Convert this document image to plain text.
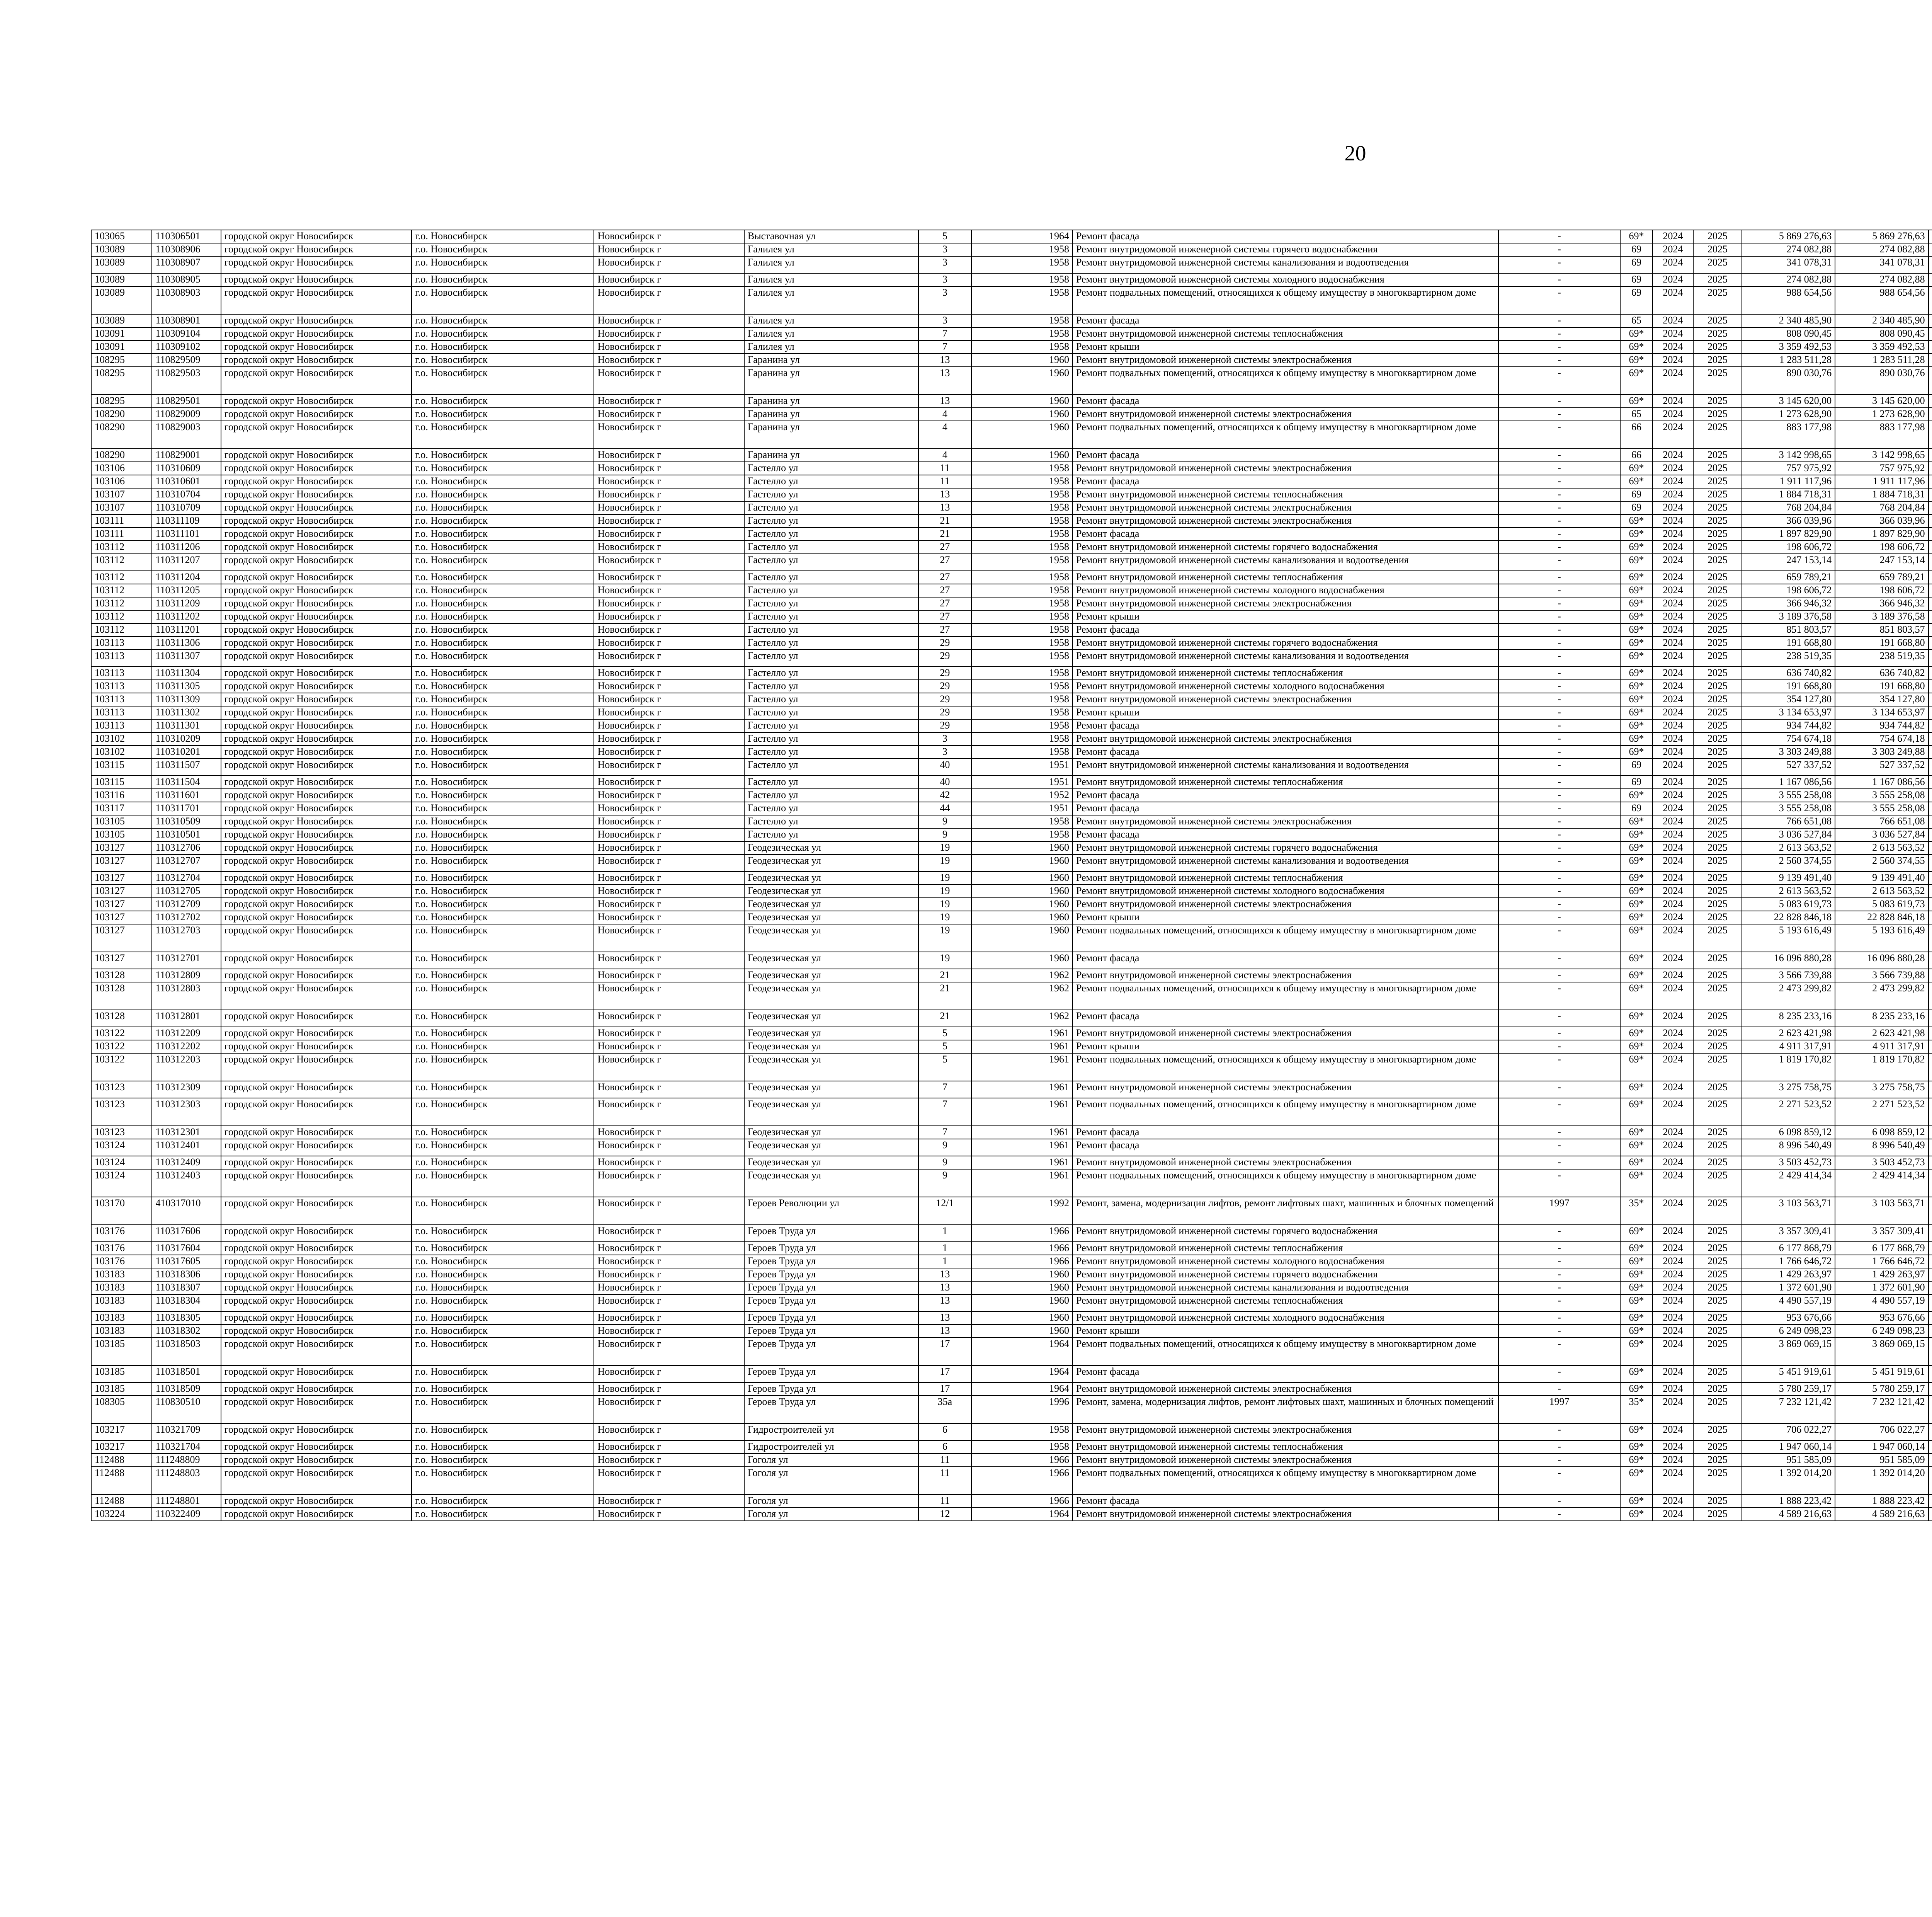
20
103065	110306501	городской округ Новосибирск	г.о. Новосибирск	Новосибирск г	Выставочная ул	5	1964	Ремонт фасада	-	69*	2024	2025	5 869 276,63	5 869 276,63						
103089	110308906	городской округ Новосибирск	г.о. Новосибирск	Новосибирск г	Галилея ул	3	1958	Ремонт внутридомовой инженерной системы горячего водоснабжения	-	69	2024	2025	274 082,88	274 082,88						
103089	110308907	городской округ Новосибирск	г.о. Новосибирск	Новосибирск г	Галилея ул	3	1958	Ремонт внутридомовой инженерной системы канализования и водоотведения	-	69	2024	2025	341 078,31	341 078,31						
103089	110308905	городской округ Новосибирск	г.о. Новосибирск	Новосибирск г	Галилея ул	3	1958	Ремонт внутридомовой инженерной системы холодного водоснабжения	-	69	2024	2025	274 082,88	274 082,88						
103089	110308903	городской округ Новосибирск	г.о. Новосибирск	Новосибирск г	Галилея ул	3	1958	Ремонт подвальных помещений, относящихся к общему имуществу в многоквартирном доме	-	69	2024	2025	988 654,56	988 654,56						
103089	110308901	городской округ Новосибирск	г.о. Новосибирск	Новосибирск г	Галилея ул	3	1958	Ремонт фасада	-	65	2024	2025	2 340 485,90	2 340 485,90						
103091	110309104	городской округ Новосибирск	г.о. Новосибирск	Новосибирск г	Галилея ул	7	1958	Ремонт внутридомовой инженерной системы теплоснабжения	-	69*	2024	2025	808 090,45	808 090,45						
103091	110309102	городской округ Новосибирск	г.о. Новосибирск	Новосибирск г	Галилея ул	7	1958	Ремонт крыши	-	69*	2024	2025	3 359 492,53	3 359 492,53						
108295	110829509	городской округ Новосибирск	г.о. Новосибирск	Новосибирск г	Гаранина ул	13	1960	Ремонт внутридомовой инженерной системы электроснабжения	-	69*	2024	2025	1 283 511,28	1 283 511,28						
108295	110829503	городской округ Новосибирск	г.о. Новосибирск	Новосибирск г	Гаранина ул	13	1960	Ремонт подвальных помещений, относящихся к общему имуществу в многоквартирном доме	-	69*	2024	2025	890 030,76	890 030,76						
108295	110829501	городской округ Новосибирск	г.о. Новосибирск	Новосибирск г	Гаранина ул	13	1960	Ремонт фасада	-	69*	2024	2025	3 145 620,00	3 145 620,00						
108290	110829009	городской округ Новосибирск	г.о. Новосибирск	Новосибирск г	Гаранина ул	4	1960	Ремонт внутридомовой инженерной системы электроснабжения	-	65	2024	2025	1 273 628,90	1 273 628,90						
108290	110829003	городской округ Новосибирск	г.о. Новосибирск	Новосибирск г	Гаранина ул	4	1960	Ремонт подвальных помещений, относящихся к общему имуществу в многоквартирном доме	-	66	2024	2025	883 177,98	883 177,98						
108290	110829001	городской округ Новосибирск	г.о. Новосибирск	Новосибирск г	Гаранина ул	4	1960	Ремонт фасада	-	66	2024	2025	3 142 998,65	3 142 998,65						
103106	110310609	городской округ Новосибирск	г.о. Новосибирск	Новосибирск г	Гастелло ул	11	1958	Ремонт внутридомовой инженерной системы электроснабжения	-	69*	2024	2025	757 975,92	757 975,92						
103106	110310601	городской округ Новосибирск	г.о. Новосибирск	Новосибирск г	Гастелло ул	11	1958	Ремонт фасада	-	69*	2024	2025	1 911 117,96	1 911 117,96						
103107	110310704	городской округ Новосибирск	г.о. Новосибирск	Новосибирск г	Гастелло ул	13	1958	Ремонт внутридомовой инженерной системы теплоснабжения	-	69	2024	2025	1 884 718,31	1 884 718,31						
103107	110310709	городской округ Новосибирск	г.о. Новосибирск	Новосибирск г	Гастелло ул	13	1958	Ремонт внутридомовой инженерной системы электроснабжения	-	69	2024	2025	768 204,84	768 204,84						
103111	110311109	городской округ Новосибирск	г.о. Новосибирск	Новосибирск г	Гастелло ул	21	1958	Ремонт внутридомовой инженерной системы электроснабжения	-	69*	2024	2025	366 039,96	366 039,96						
103111	110311101	городской округ Новосибирск	г.о. Новосибирск	Новосибирск г	Гастелло ул	21	1958	Ремонт фасада	-	69*	2024	2025	1 897 829,90	1 897 829,90						
103112	110311206	городской округ Новосибирск	г.о. Новосибирск	Новосибирск г	Гастелло ул	27	1958	Ремонт внутридомовой инженерной системы горячего водоснабжения	-	69*	2024	2025	198 606,72	198 606,72						
103112	110311207	городской округ Новосибирск	г.о. Новосибирск	Новосибирск г	Гастелло ул	27	1958	Ремонт внутридомовой инженерной системы канализования и водоотведения	-	69*	2024	2025	247 153,14	247 153,14						
103112	110311204	городской округ Новосибирск	г.о. Новосибирск	Новосибирск г	Гастелло ул	27	1958	Ремонт внутридомовой инженерной системы теплоснабжения	-	69*	2024	2025	659 789,21	659 789,21						
103112	110311205	городской округ Новосибирск	г.о. Новосибирск	Новосибирск г	Гастелло ул	27	1958	Ремонт внутридомовой инженерной системы холодного водоснабжения	-	69*	2024	2025	198 606,72	198 606,72						
103112	110311209	городской округ Новосибирск	г.о. Новосибирск	Новосибирск г	Гастелло ул	27	1958	Ремонт внутридомовой инженерной системы электроснабжения	-	69*	2024	2025	366 946,32	366 946,32						
103112	110311202	городской округ Новосибирск	г.о. Новосибирск	Новосибирск г	Гастелло ул	27	1958	Ремонт крыши	-	69*	2024	2025	3 189 376,58	3 189 376,58						
103112	110311201	городской округ Новосибирск	г.о. Новосибирск	Новосибирск г	Гастелло ул	27	1958	Ремонт фасада	-	69*	2024	2025	851 803,57	851 803,57						
103113	110311306	городской округ Новосибирск	г.о. Новосибирск	Новосибирск г	Гастелло ул	29	1958	Ремонт внутридомовой инженерной системы горячего водоснабжения	-	69*	2024	2025	191 668,80	191 668,80						
103113	110311307	городской округ Новосибирск	г.о. Новосибирск	Новосибирск г	Гастелло ул	29	1958	Ремонт внутридомовой инженерной системы канализования и водоотведения	-	69*	2024	2025	238 519,35	238 519,35						
103113	110311304	городской округ Новосибирск	г.о. Новосибирск	Новосибирск г	Гастелло ул	29	1958	Ремонт внутридомовой инженерной системы теплоснабжения	-	69*	2024	2025	636 740,82	636 740,82						
103113	110311305	городской округ Новосибирск	г.о. Новосибирск	Новосибирск г	Гастелло ул	29	1958	Ремонт внутридомовой инженерной системы холодного водоснабжения	-	69*	2024	2025	191 668,80	191 668,80						
103113	110311309	городской округ Новосибирск	г.о. Новосибирск	Новосибирск г	Гастелло ул	29	1958	Ремонт внутридомовой инженерной системы электроснабжения	-	69*	2024	2025	354 127,80	354 127,80						
103113	110311302	городской округ Новосибирск	г.о. Новосибирск	Новосибирск г	Гастелло ул	29	1958	Ремонт крыши	-	69*	2024	2025	3 134 653,97	3 134 653,97						
103113	110311301	городской округ Новосибирск	г.о. Новосибирск	Новосибирск г	Гастелло ул	29	1958	Ремонт фасада	-	69*	2024	2025	934 744,82	934 744,82						
103102	110310209	городской округ Новосибирск	г.о. Новосибирск	Новосибирск г	Гастелло ул	3	1958	Ремонт внутридомовой инженерной системы электроснабжения	-	69*	2024	2025	754 674,18	754 674,18						
103102	110310201	городской округ Новосибирск	г.о. Новосибирск	Новосибирск г	Гастелло ул	3	1958	Ремонт фасада	-	69*	2024	2025	3 303 249,88	3 303 249,88						
103115	110311507	городской округ Новосибирск	г.о. Новосибирск	Новосибирск г	Гастелло ул	40	1951	Ремонт внутридомовой инженерной системы канализования и водоотведения	-	69	2024	2025	527 337,52	527 337,52						
103115	110311504	городской округ Новосибирск	г.о. Новосибирск	Новосибирск г	Гастелло ул	40	1951	Ремонт внутридомовой инженерной системы теплоснабжения	-	69	2024	2025	1 167 086,56	1 167 086,56						
103116	110311601	городской округ Новосибирск	г.о. Новосибирск	Новосибирск г	Гастелло ул	42	1952	Ремонт фасада	-	69*	2024	2025	3 555 258,08	3 555 258,08						
103117	110311701	городской округ Новосибирск	г.о. Новосибирск	Новосибирск г	Гастелло ул	44	1951	Ремонт фасада	-	69	2024	2025	3 555 258,08	3 555 258,08						
103105	110310509	городской округ Новосибирск	г.о. Новосибирск	Новосибирск г	Гастелло ул	9	1958	Ремонт внутридомовой инженерной системы электроснабжения	-	69*	2024	2025	766 651,08	766 651,08						
103105	110310501	городской округ Новосибирск	г.о. Новосибирск	Новосибирск г	Гастелло ул	9	1958	Ремонт фасада	-	69*	2024	2025	3 036 527,84	3 036 527,84						
103127	110312706	городской округ Новосибирск	г.о. Новосибирск	Новосибирск г	Геодезическая ул	19	1960	Ремонт внутридомовой инженерной системы горячего водоснабжения	-	69*	2024	2025	2 613 563,52	2 613 563,52						
103127	110312707	городской округ Новосибирск	г.о. Новосибирск	Новосибирск г	Геодезическая ул	19	1960	Ремонт внутридомовой инженерной системы канализования и водоотведения	-	69*	2024	2025	2 560 374,55	2 560 374,55						
103127	110312704	городской округ Новосибирск	г.о. Новосибирск	Новосибирск г	Геодезическая ул	19	1960	Ремонт внутридомовой инженерной системы теплоснабжения	-	69*	2024	2025	9 139 491,40	9 139 491,40						
103127	110312705	городской округ Новосибирск	г.о. Новосибирск	Новосибирск г	Геодезическая ул	19	1960	Ремонт внутридомовой инженерной системы холодного водоснабжения	-	69*	2024	2025	2 613 563,52	2 613 563,52						
103127	110312709	городской округ Новосибирск	г.о. Новосибирск	Новосибирск г	Геодезическая ул	19	1960	Ремонт внутридомовой инженерной системы электроснабжения	-	69*	2024	2025	5 083 619,73	5 083 619,73						
103127	110312702	городской округ Новосибирск	г.о. Новосибирск	Новосибирск г	Геодезическая ул	19	1960	Ремонт крыши	-	69*	2024	2025	22 828 846,18	22 828 846,18						
103127	110312703	городской округ Новосибирск	г.о. Новосибирск	Новосибирск г	Геодезическая ул	19	1960	Ремонт подвальных помещений, относящихся к общему имуществу в многоквартирном доме	-	69*	2024	2025	5 193 616,49	5 193 616,49						
103127	110312701	городской округ Новосибирск	г.о. Новосибирск	Новосибирск г	Геодезическая ул	19	1960	Ремонт фасада	-	69*	2024	2025	16 096 880,28	16 096 880,28						
103128	110312809	городской округ Новосибирск	г.о. Новосибирск	Новосибирск г	Геодезическая ул	21	1962	Ремонт внутридомовой инженерной системы электроснабжения	-	69*	2024	2025	3 566 739,88	3 566 739,88						
103128	110312803	городской округ Новосибирск	г.о. Новосибирск	Новосибирск г	Геодезическая ул	21	1962	Ремонт подвальных помещений, относящихся к общему имуществу в многоквартирном доме	-	69*	2024	2025	2 473 299,82	2 473 299,82						
103128	110312801	городской округ Новосибирск	г.о. Новосибирск	Новосибирск г	Геодезическая ул	21	1962	Ремонт фасада	-	69*	2024	2025	8 235 233,16	8 235 233,16						
103122	110312209	городской округ Новосибирск	г.о. Новосибирск	Новосибирск г	Геодезическая ул	5	1961	Ремонт внутридомовой инженерной системы электроснабжения	-	69*	2024	2025	2 623 421,98	2 623 421,98						
103122	110312202	городской округ Новосибирск	г.о. Новосибирск	Новосибирск г	Геодезическая ул	5	1961	Ремонт крыши	-	69*	2024	2025	4 911 317,91	4 911 317,91						
103122	110312203	городской округ Новосибирск	г.о. Новосибирск	Новосибирск г	Геодезическая ул	5	1961	Ремонт подвальных помещений, относящихся к общему имуществу в многоквартирном доме	-	69*	2024	2025	1 819 170,82	1 819 170,82						
103123	110312309	городской округ Новосибирск	г.о. Новосибирск	Новосибирск г	Геодезическая ул	7	1961	Ремонт внутридомовой инженерной системы электроснабжения	-	69*	2024	2025	3 275 758,75	3 275 758,75						
103123	110312303	городской округ Новосибирск	г.о. Новосибирск	Новосибирск г	Геодезическая ул	7	1961	Ремонт подвальных помещений, относящихся к общему имуществу в многоквартирном доме	-	69*	2024	2025	2 271 523,52	2 271 523,52						
103123	110312301	городской округ Новосибирск	г.о. Новосибирск	Новосибирск г	Геодезическая ул	7	1961	Ремонт фасада	-	69*	2024	2025	6 098 859,12	6 098 859,12						
103124	110312401	городской округ Новосибирск	г.о. Новосибирск	Новосибирск г	Геодезическая ул	9	1961	Ремонт фасада	-	69*	2024	2025	8 996 540,49	8 996 540,49						
103124	110312409	городской округ Новосибирск	г.о. Новосибирск	Новосибирск г	Геодезическая ул	9	1961	Ремонт внутридомовой инженерной системы электроснабжения	-	69*	2024	2025	3 503 452,73	3 503 452,73						
103124	110312403	городской округ Новосибирск	г.о. Новосибирск	Новосибирск г	Геодезическая ул	9	1961	Ремонт подвальных помещений, относящихся к общему имуществу в многоквартирном доме	-	69*	2024	2025	2 429 414,34	2 429 414,34						
103170	410317010	городской округ Новосибирск	г.о. Новосибирск	Новосибирск г	Героев Революции ул	12/1	1992	Ремонт, замена, модернизация лифтов, ремонт лифтовых шахт, машинных и блочных помещений	1997	35*	2024	2025	3 103 563,71	3 103 563,71						
103176	110317606	городской округ Новосибирск	г.о. Новосибирск	Новосибирск г	Героев Труда ул	1	1966	Ремонт внутридомовой инженерной системы горячего водоснабжения	-	69*	2024	2025	3 357 309,41	3 357 309,41						
103176	110317604	городской округ Новосибирск	г.о. Новосибирск	Новосибирск г	Героев Труда ул	1	1966	Ремонт внутридомовой инженерной системы теплоснабжения	-	69*	2024	2025	6 177 868,79	6 177 868,79						
103176	110317605	городской округ Новосибирск	г.о. Новосибирск	Новосибирск г	Героев Труда ул	1	1966	Ремонт внутридомовой инженерной системы холодного водоснабжения	-	69*	2024	2025	1 766 646,72	1 766 646,72						
103183	110318306	городской округ Новосибирск	г.о. Новосибирск	Новосибирск г	Героев Труда ул	13	1960	Ремонт внутридомовой инженерной системы горячего водоснабжения	-	69*	2024	2025	1 429 263,97	1 429 263,97						
103183	110318307	городской округ Новосибирск	г.о. Новосибирск	Новосибирск г	Героев Труда ул	13	1960	Ремонт внутридомовой инженерной системы канализования и водоотведения	-	69*	2024	2025	1 372 601,90	1 372 601,90						
103183	110318304	городской округ Новосибирск	г.о. Новосибирск	Новосибирск г	Героев Труда ул	13	1960	Ремонт внутридомовой инженерной системы теплоснабжения	-	69*	2024	2025	4 490 557,19	4 490 557,19						
103183	110318305	городской округ Новосибирск	г.о. Новосибирск	Новосибирск г	Героев Труда ул	13	1960	Ремонт внутридомовой инженерной системы холодного водоснабжения	-	69*	2024	2025	953 676,66	953 676,66						
103183	110318302	городской округ Новосибирск	г.о. Новосибирск	Новосибирск г	Героев Труда ул	13	1960	Ремонт крыши	-	69*	2024	2025	6 249 098,23	6 249 098,23						
103185	110318503	городской округ Новосибирск	г.о. Новосибирск	Новосибирск г	Героев Труда ул	17	1964	Ремонт подвальных помещений, относящихся к общему имуществу в многоквартирном доме	-	69*	2024	2025	3 869 069,15	3 869 069,15						
103185	110318501	городской округ Новосибирск	г.о. Новосибирск	Новосибирск г	Героев Труда ул	17	1964	Ремонт фасада	-	69*	2024	2025	5 451 919,61	5 451 919,61						
103185	110318509	городской округ Новосибирск	г.о. Новосибирск	Новосибирск г	Героев Труда ул	17	1964	Ремонт внутридомовой инженерной системы электроснабжения	-	69*	2024	2025	5 780 259,17	5 780 259,17						
108305	110830510	городской округ Новосибирск	г.о. Новосибирск	Новосибирск г	Героев Труда ул	35а	1996	Ремонт, замена, модернизация лифтов, ремонт лифтовых шахт, машинных и блочных помещений	1997	35*	2024	2025	7 232 121,42	7 232 121,42						
103217	110321709	городской округ Новосибирск	г.о. Новосибирск	Новосибирск г	Гидростроителей ул	6	1958	Ремонт внутридомовой инженерной системы электроснабжения	-	69*	2024	2025	706 022,27	706 022,27						
103217	110321704	городской округ Новосибирск	г.о. Новосибирск	Новосибирск г	Гидростроителей ул	6	1958	Ремонт внутридомовой инженерной системы теплоснабжения	-	69*	2024	2025	1 947 060,14	1 947 060,14						
112488	111248809	городской округ Новосибирск	г.о. Новосибирск	Новосибирск г	Гоголя ул	11	1966	Ремонт внутридомовой инженерной системы электроснабжения	-	69*	2024	2025	951 585,09	951 585,09						
112488	111248803	городской округ Новосибирск	г.о. Новосибирск	Новосибирск г	Гоголя ул	11	1966	Ремонт подвальных помещений, относящихся к общему имуществу в многоквартирном доме	-	69*	2024	2025	1 392 014,20	1 392 014,20						
112488	111248801	городской округ Новосибирск	г.о. Новосибирск	Новосибирск г	Гоголя ул	11	1966	Ремонт фасада	-	69*	2024	2025	1 888 223,42	1 888 223,42						
103224	110322409	городской округ Новосибирск	г.о. Новосибирск	Новосибирск г	Гоголя ул	12	1964	Ремонт внутридомовой инженерной системы электроснабжения	-	69*	2024	2025	4 589 216,63	4 589 216,63						
